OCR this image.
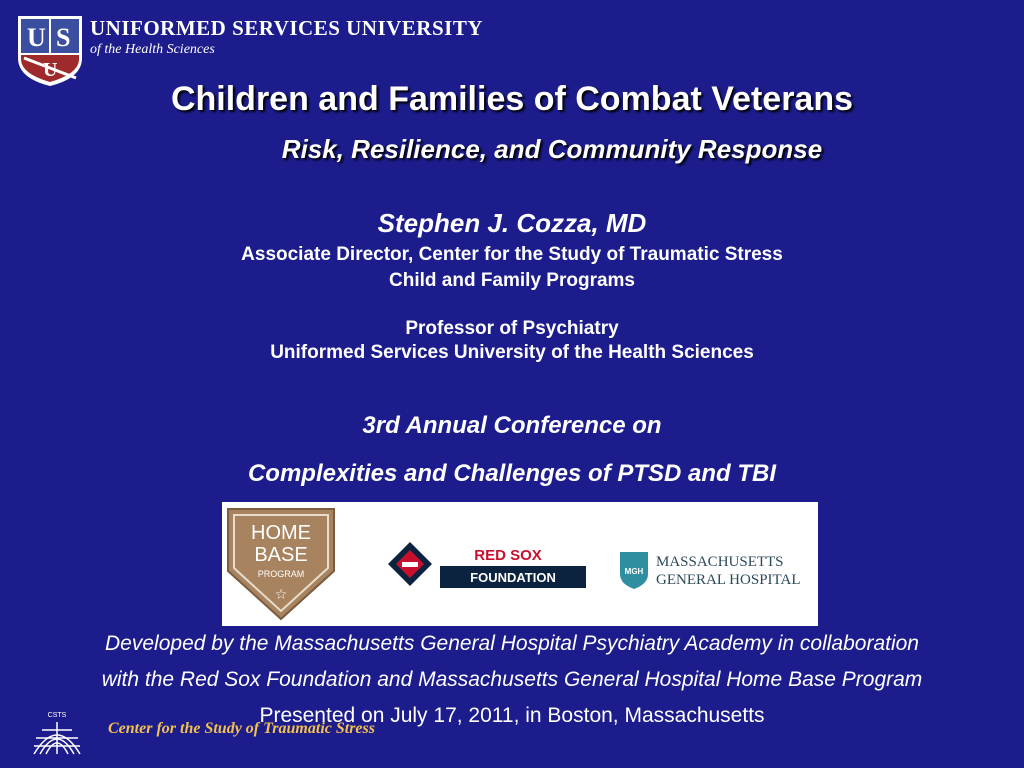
U S
U
UNIFORMED SERVICES UNIVERSITY
of the Health Sciences
Children and Families of Combat Veterans
Risk, Resilience, and Community Response
Stephen J. Cozza, MD
Associate Director, Center for the Study of Traumatic Stress
Child and Family Programs
Professor of Psychiatry
Uniformed Services University of the Health Sciences
3rd Annual Conference on
Complexities and Challenges of PTSD and TBI
HOME
BASE
PROGRAM
☆
RED SOX
FOUNDATION	MGH
MASSACHUSETTS
GENERAL HOSPITAL
Developed by the Massachusetts General Hospital Psychiatry Academy in collaboration
with the Red Sox Foundation and Massachusetts General Hospital Home Base Program
Presented on July 17, 2011, in Boston, Massachusetts
CSTS
Center for the Study of Traumatic Stress
